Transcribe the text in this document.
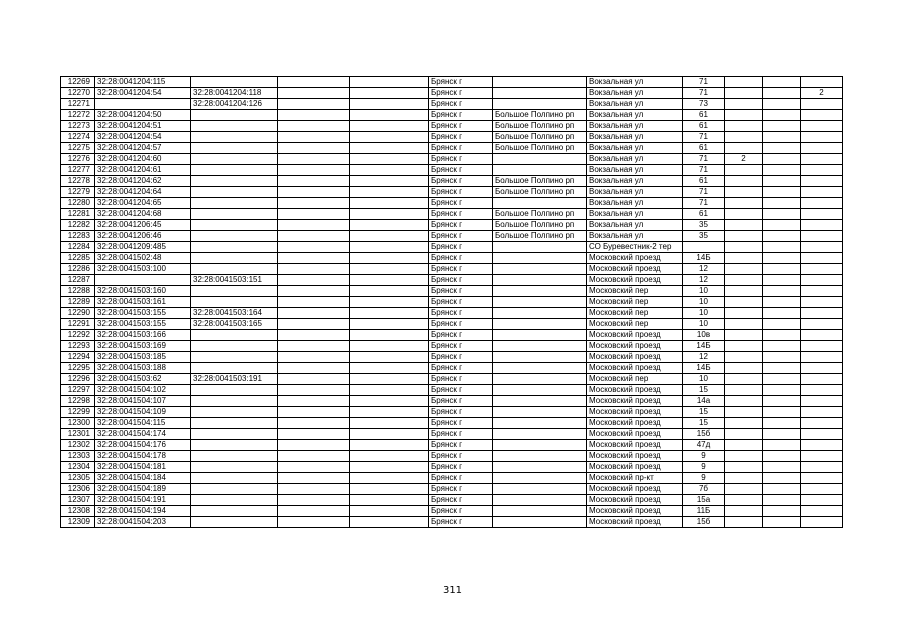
12269	32:28:0041204:115				Брянск г		Вокзальная ул	71			
12270	32:28:0041204:54	32:28:0041204:118			Брянск г		Вокзальная ул	71			2
12271		32:28:0041204:126			Брянск г		Вокзальная ул	73			
12272	32:28:0041204:50				Брянск г	Большое Полпино рп	Вокзальная ул	61			
12273	32:28:0041204:51				Брянск г	Большое Полпино рп	Вокзальная ул	61			
12274	32:28:0041204:54				Брянск г	Большое Полпино рп	Вокзальная ул	71			
12275	32:28:0041204:57				Брянск г	Большое Полпино рп	Вокзальная ул	61			
12276	32:28:0041204:60				Брянск г		Вокзальная ул	71	2		
12277	32:28:0041204:61				Брянск г		Вокзальная ул	71			
12278	32:28:0041204:62				Брянск г	Большое Полпино рп	Вокзальная ул	61			
12279	32:28:0041204:64				Брянск г	Большое Полпино рп	Вокзальная ул	71			
12280	32:28:0041204:65				Брянск г		Вокзальная ул	71			
12281	32:28:0041204:68				Брянск г	Большое Полпино рп	Вокзальная ул	61			
12282	32:28:0041206:45				Брянск г	Большое Полпино рп	Вокзальная ул	35			
12283	32:28:0041206:46				Брянск г	Большое Полпино рп	Вокзальная ул	35			
12284	32:28:0041209:485				Брянск г		СО Буревестник-2 тер				
12285	32:28:0041502:48				Брянск г		Московский проезд	14Б			
12286	32:28:0041503:100				Брянск г		Московский проезд	12			
12287		32:28:0041503:151			Брянск г		Московский проезд	12			
12288	32:28:0041503:160				Брянск г		Московский пер	10			
12289	32:28:0041503:161				Брянск г		Московский пер	10			
12290	32:28:0041503:155	32:28:0041503:164			Брянск г		Московский пер	10			
12291	32:28:0041503:155	32:28:0041503:165			Брянск г		Московский пер	10			
12292	32:28:0041503:166				Брянск г		Московский проезд	10в			
12293	32:28:0041503:169				Брянск г		Московский проезд	14Б			
12294	32:28:0041503:185				Брянск г		Московский проезд	12			
12295	32:28:0041503:188				Брянск г		Московский проезд	14Б			
12296	32:28:0041503:62	32:28:0041503:191			Брянск г		Московский пер	10			
12297	32:28:0041504:102				Брянск г		Московский проезд	15			
12298	32:28:0041504:107				Брянск г		Московский проезд	14а			
12299	32:28:0041504:109				Брянск г		Московский проезд	15			
12300	32:28:0041504:115				Брянск г		Московский проезд	15			
12301	32:28:0041504:174				Брянск г		Московский проезд	15б			
12302	32:28:0041504:176				Брянск г		Московский проезд	47д			
12303	32:28:0041504:178				Брянск г		Московский проезд	9			
12304	32:28:0041504:181				Брянск г		Московский проезд	9			
12305	32:28:0041504:184				Брянск г		Московский пр-кт	9			
12306	32:28:0041504:189				Брянск г		Московский проезд	7б			
12307	32:28:0041504:191				Брянск г		Московский проезд	15а			
12308	32:28:0041504:194				Брянск г		Московский проезд	11Б			
12309	32:28:0041504:203				Брянск г		Московский проезд	15б			
311
